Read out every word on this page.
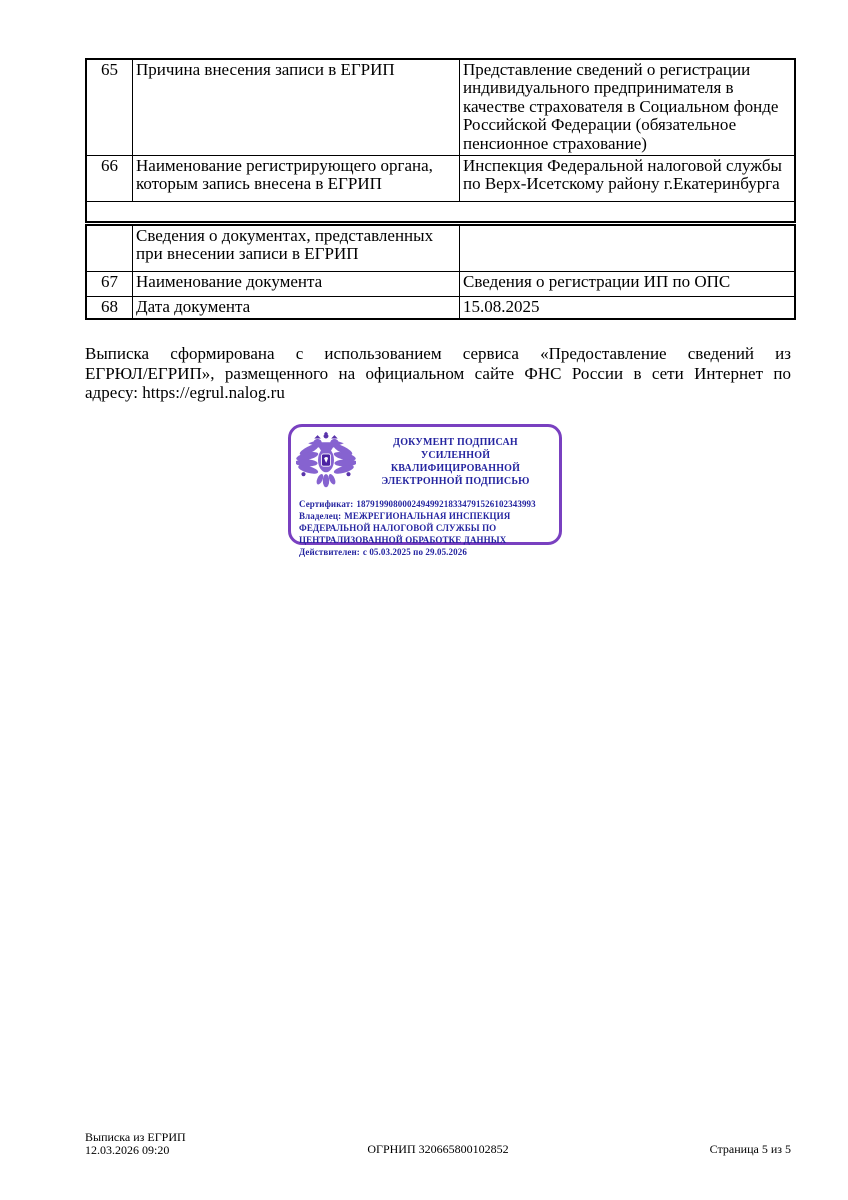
65	Причина внесения записи в ЕГРИП	Представление сведений о регистрации индивидуального предпринимателя в качестве страхователя в Социальном фонде Российской Федерации (обязательное пенсионное страхование)
66	Наименование регистрирующего органа, которым запись внесена в ЕГРИП	Инспекция Федеральной налоговой службы по Верх-Исетскому району г.Екатеринбурга

	Сведения о документах, представленных при внесении записи в ЕГРИП	
67	Наименование документа	Сведения о регистрации ИП по ОПС
68	Дата документа	15.08.2025
Выписка сформирована с использованием сервиса «Предоставление сведений из
ЕГРЮЛ/ЕГРИП», размещенного на официальном сайте ФНС России в сети Интернет по
адресу: https://egrul.nalog.ru
ДОКУМЕНТ ПОДПИСАН
УСИЛЕННОЙ КВАЛИФИЦИРОВАННОЙ
ЭЛЕКТРОННОЙ ПОДПИСЬЮ
Сертификат: 187919908000249499218334791526102343993
Владелец: МЕЖРЕГИОНАЛЬНАЯ ИНСПЕКЦИЯ ФЕДЕРАЛЬНОЙ НАЛОГОВОЙ СЛУЖБЫ ПО ЦЕНТРАЛИЗОВАННОЙ ОБРАБОТКЕ ДАННЫХ
Действителен: с 05.03.2025 по 29.05.2026
Выписка из ЕГРИП
12.03.2026 09:20	ОГРНИП 320665800102852	Страница 5 из 5
